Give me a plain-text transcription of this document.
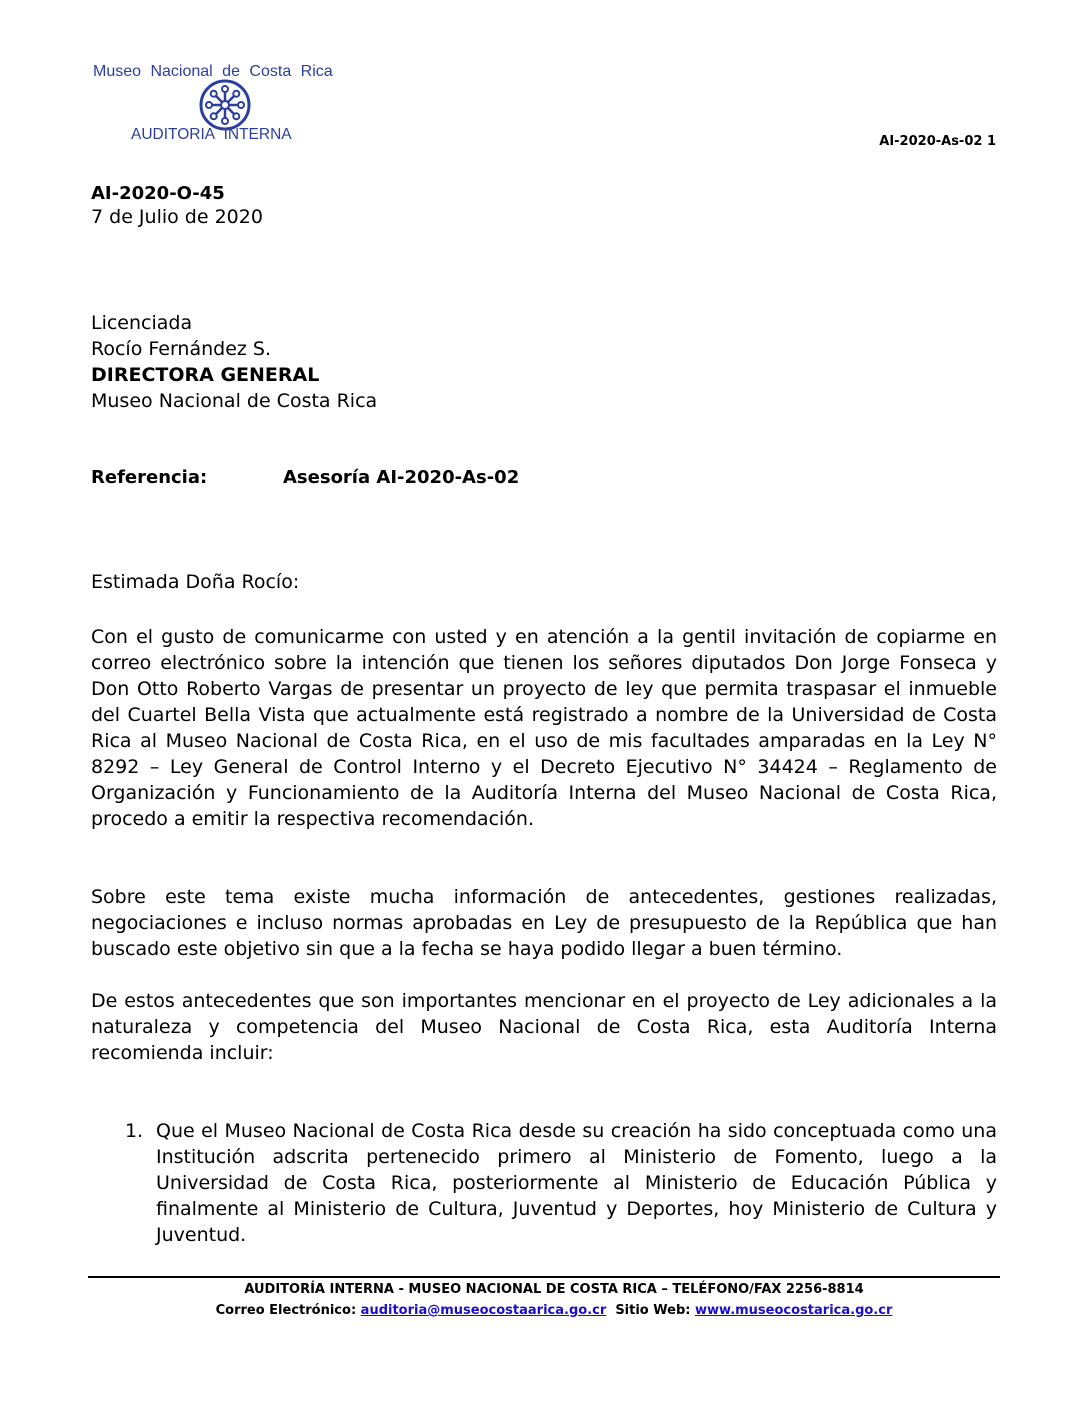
Museo Nacional de Costa Rica
AUDITORIA INTERNA	AI-2020-As-02 1
AI-2020-O-45
7 de Julio de 2020
Licenciada
Rocío Fernández S.
DIRECTORA GENERAL
Museo Nacional de Costa Rica
Referencia:	Asesoría AI-2020-As-02
Estimada Doña Rocío:
Con el gusto de comunicarme con usted y en atención a la gentil invitación de copiarme en correo electrónico sobre la intención que tienen los señores diputados Don Jorge Fonseca y Don Otto Roberto Vargas de presentar un proyecto de ley que permita traspasar el inmueble del Cuartel Bella Vista que actualmente está registrado a nombre de la Universidad de Costa Rica al Museo Nacional de Costa Rica, en el uso de mis facultades amparadas en la Ley N° 8292 – Ley General de Control Interno y el Decreto Ejecutivo N° 34424 – Reglamento de Organización y Funcionamiento de la Auditoría Interna del Museo Nacional de Costa Rica, procedo a emitir la respectiva recomendación.
Sobre este tema existe mucha información de antecedentes, gestiones realizadas, negociaciones e incluso normas aprobadas en Ley de presupuesto de la República que han buscado este objetivo sin que a la fecha se haya podido llegar a buen término.
De estos antecedentes que son importantes mencionar en el proyecto de Ley adicionales a la naturaleza y competencia del Museo Nacional de Costa Rica, esta Auditoría Interna recomienda incluir:
1. Que el Museo Nacional de Costa Rica desde su creación ha sido conceptuada como una Institución adscrita pertenecido primero al Ministerio de Fomento, luego a la Universidad de Costa Rica, posteriormente al Ministerio de Educación Pública y finalmente al Ministerio de Cultura, Juventud y Deportes, hoy Ministerio de Cultura y Juventud.
AUDITORÍA INTERNA - MUSEO NACIONAL DE COSTA RICA – TELÉFONO/FAX 2256-8814
Correo Electrónico: auditoria@museocostaarica.go.cr Sitio Web: www.museocostarica.go.cr
